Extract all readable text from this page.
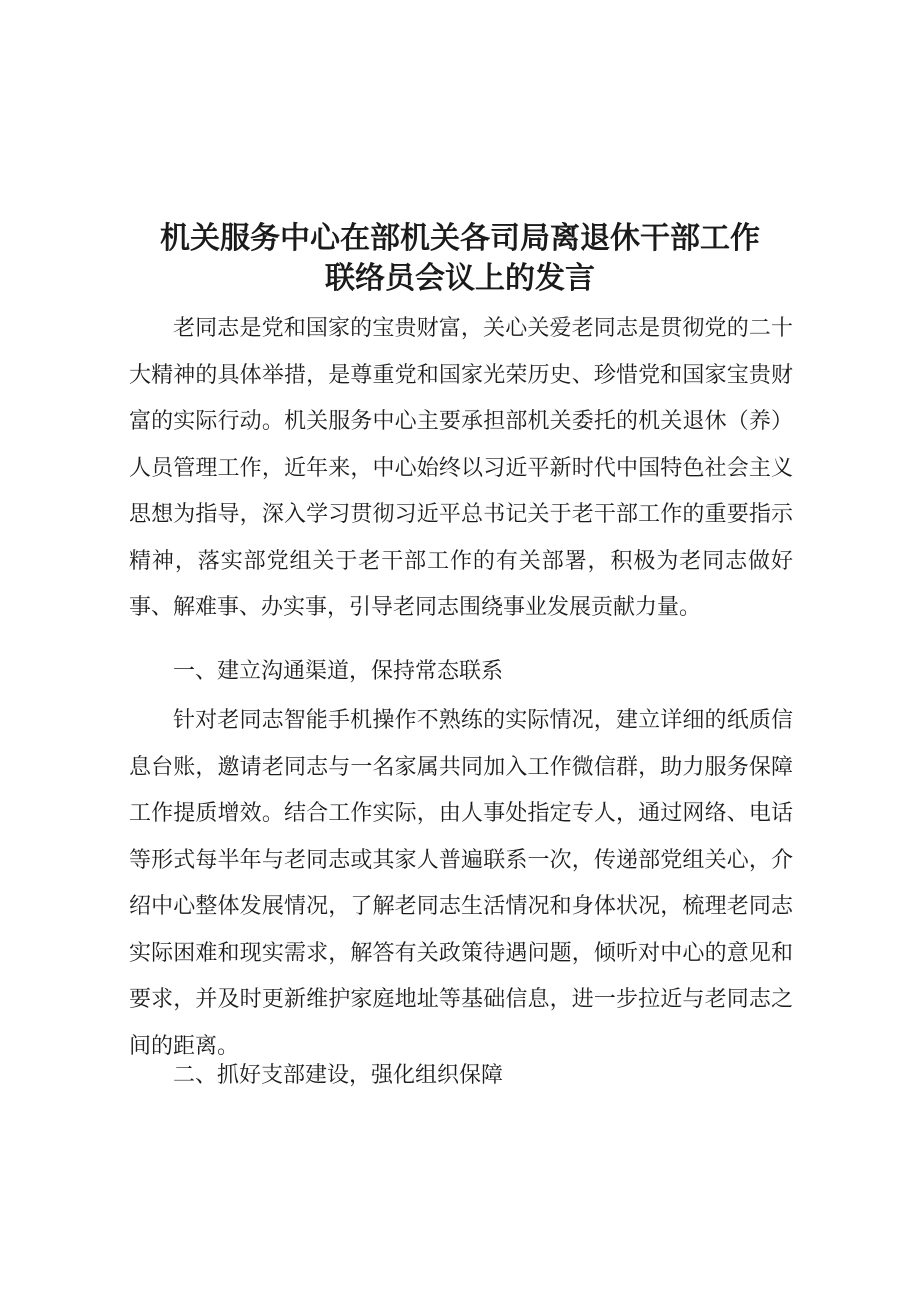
机关服务中心在部机关各司局离退休干部工作
联络员会议上的发言

老同志是党和国家的宝贵财富，关心关爱老同志是贯彻党的二十大精神的具体举措，是尊重党和国家光荣历史、珍惜党和国家宝贵财富的实际行动。机关服务中心主要承担部机关委托的机关退休（养）人员管理工作，近年来，中心始终以习近平新时代中国特色社会主义思想为指导，深入学习贯彻习近平总书记关于老干部工作的重要指示精神，落实部党组关于老干部工作的有关部署，积极为老同志做好事、解难事、办实事，引导老同志围绕事业发展贡献力量。

一、建立沟通渠道，保持常态联系

针对老同志智能手机操作不熟练的实际情况，建立详细的纸质信息台账，邀请老同志与一名家属共同加入工作微信群，助力服务保障工作提质增效。结合工作实际，由人事处指定专人，通过网络、电话等形式每半年与老同志或其家人普遍联系一次，传递部党组关心，介绍中心整体发展情况，了解老同志生活情况和身体状况，梳理老同志实际困难和现实需求，解答有关政策待遇问题，倾听对中心的意见和要求，并及时更新维护家庭地址等基础信息，进一步拉近与老同志之间的距离。

二、抓好支部建设，强化组织保障
